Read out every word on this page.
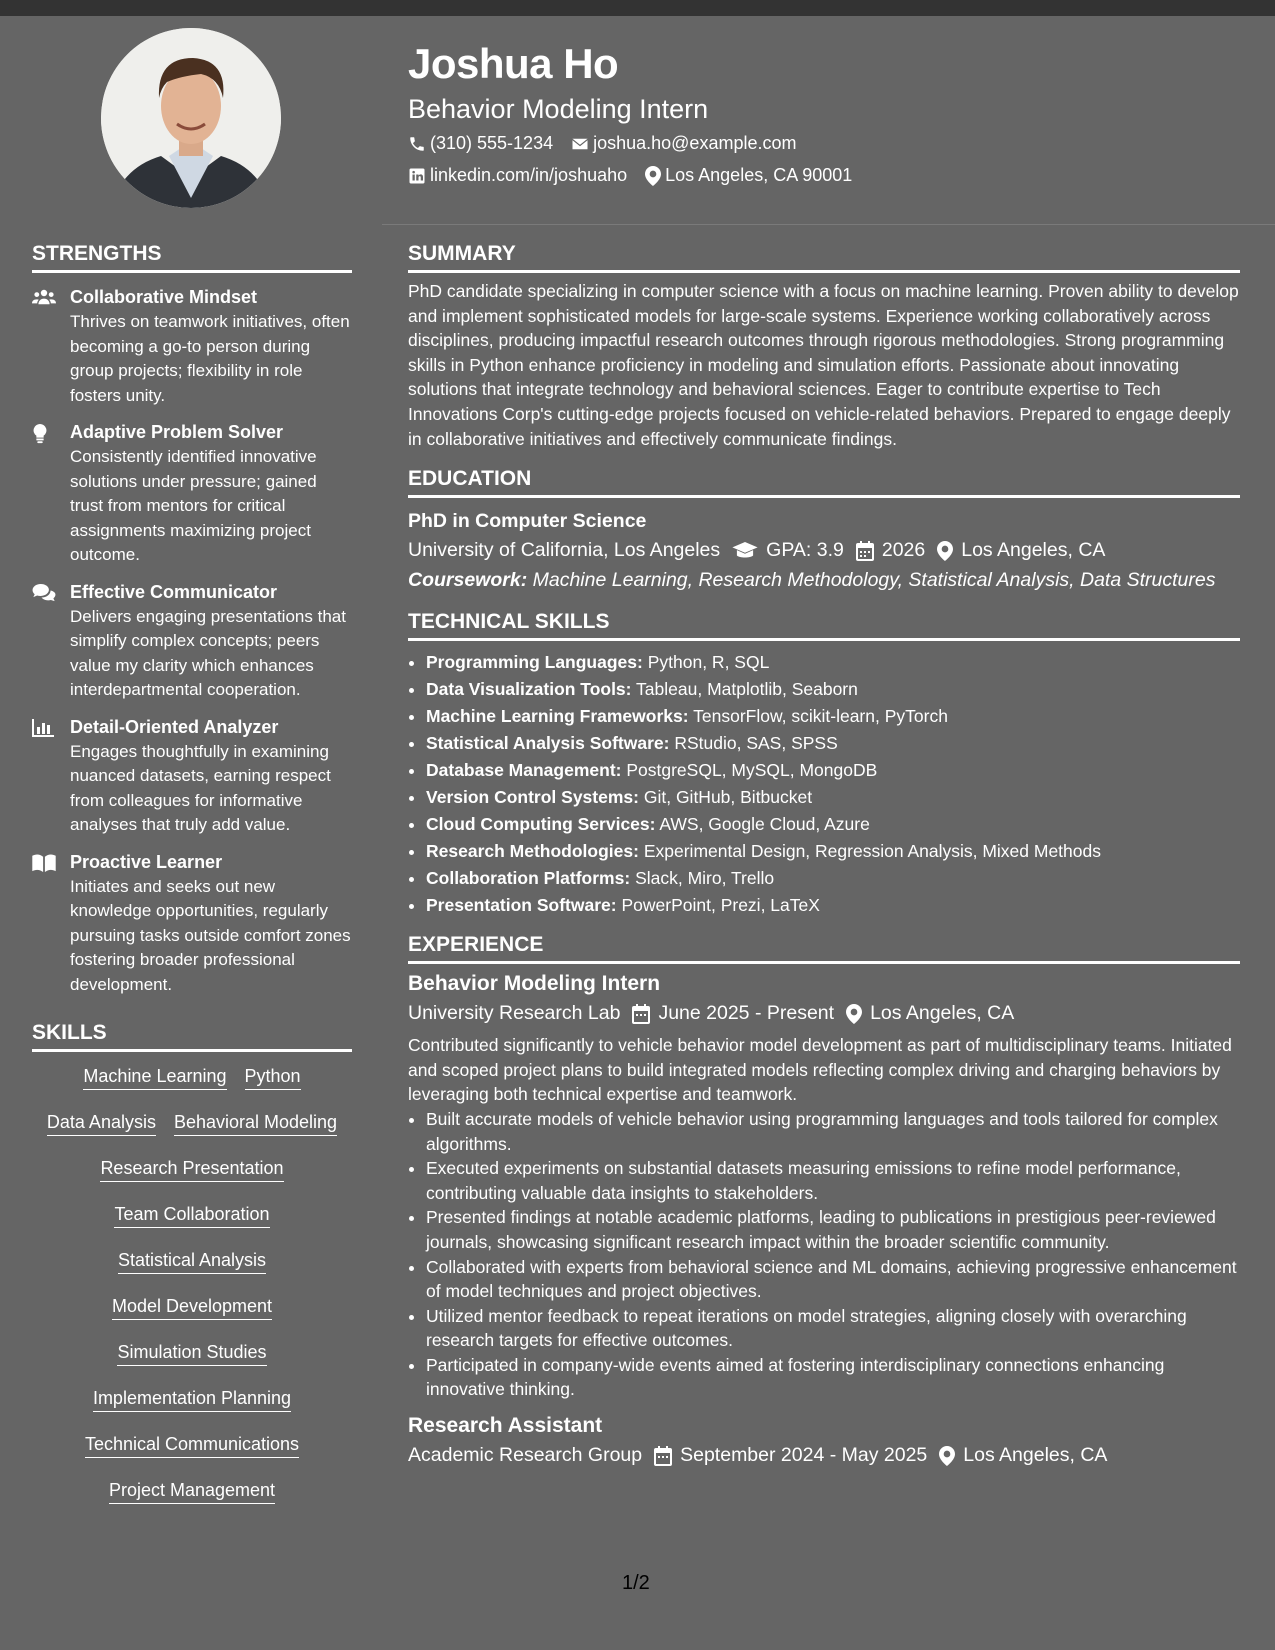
Joshua Ho
Behavior Modeling Intern
(310) 555-1234 joshua.ho@example.com
linkedin.com/in/joshuaho Los Angeles, CA 90001
STRENGTHS
Collaborative Mindset
Thrives on teamwork initiatives, often becoming a go-to person during group projects; flexibility in role fosters unity.
Adaptive Problem Solver
Consistently identified innovative solutions under pressure; gained trust from mentors for critical assignments maximizing project outcome.
Effective Communicator
Delivers engaging presentations that simplify complex concepts; peers value my clarity which enhances interdepartmental cooperation.
Detail-Oriented Analyzer
Engages thoughtfully in examining nuanced datasets, earning respect from colleagues for informative analyses that truly add value.
Proactive Learner
Initiates and seeks out new knowledge opportunities, regularly pursuing tasks outside comfort zones fostering broader professional development.
SKILLS
Machine Learning Python
Data Analysis Behavioral Modeling
Research Presentation
Team Collaboration
Statistical Analysis
Model Development
Simulation Studies
Implementation Planning
Technical Communications
Project Management
SUMMARY

PhD candidate specializing in computer science with a focus on machine learning. Proven ability to develop and implement sophisticated models for large-scale systems. Experience working collaboratively across disciplines, producing impactful research outcomes through rigorous methodologies. Strong programming skills in Python enhance proficiency in modeling and simulation efforts. Passionate about innovating solutions that integrate technology and behavioral sciences. Eager to contribute expertise to Tech Innovations Corp's cutting-edge projects focused on vehicle-related behaviors. Prepared to engage deeply in collaborative initiatives and effectively communicate findings.

EDUCATION
PhD in Computer Science
University of California, Los Angeles GPA: 3.9 2026 Los Angeles, CA
Coursework: Machine Learning, Research Methodology, Statistical Analysis, Data Structures
TECHNICAL SKILLS
• Programming Languages: Python, R, SQL
• Data Visualization Tools: Tableau, Matplotlib, Seaborn
• Machine Learning Frameworks: TensorFlow, scikit-learn, PyTorch
• Statistical Analysis Software: RStudio, SAS, SPSS
• Database Management: PostgreSQL, MySQL, MongoDB
• Version Control Systems: Git, GitHub, Bitbucket
• Cloud Computing Services: AWS, Google Cloud, Azure
• Research Methodologies: Experimental Design, Regression Analysis, Mixed Methods
• Collaboration Platforms: Slack, Miro, Trello
• Presentation Software: PowerPoint, Prezi, LaTeX
EXPERIENCE
Behavior Modeling Intern
University Research Lab June 2025 - Present Los Angeles, CA

Contributed significantly to vehicle behavior model development as part of multidisciplinary teams. Initiated and scoped project plans to build integrated models reflecting complex driving and charging behaviors by leveraging both technical expertise and teamwork.

• Built accurate models of vehicle behavior using programming languages and tools tailored for complex algorithms.
• Executed experiments on substantial datasets measuring emissions to refine model performance, contributing valuable data insights to stakeholders.
• Presented findings at notable academic platforms, leading to publications in prestigious peer-reviewed journals, showcasing significant research impact within the broader scientific community.
• Collaborated with experts from behavioral science and ML domains, achieving progressive enhancement of model techniques and project objectives.
• Utilized mentor feedback to repeat iterations on model strategies, aligning closely with overarching research targets for effective outcomes.
• Participated in company-wide events aimed at fostering interdisciplinary connections enhancing innovative thinking.
Research Assistant
Academic Research Group September 2024 - May 2025 Los Angeles, CA
1/2
